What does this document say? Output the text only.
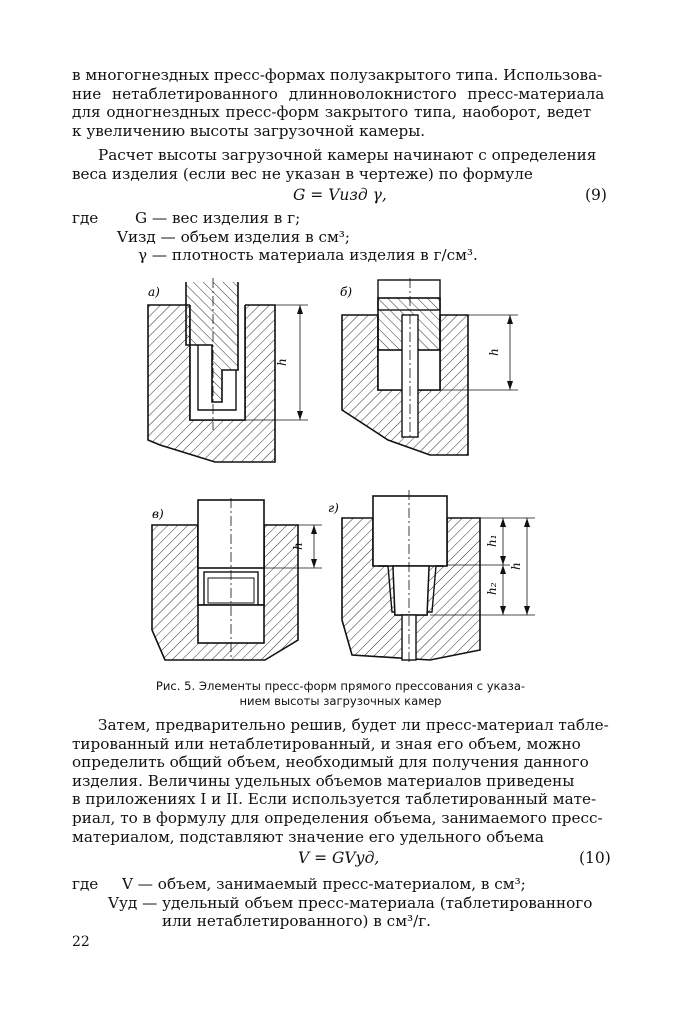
в многогнездных пресс-формах полузакрытого типа. Использова-
ние нетаблетированного длинноволокнистого пресс-материала
для одногнездных пресс-форм закрытого типа, наоборот, ведет
к увеличению высоты загрузочной камеры.
Расчет высоты загрузочной камеры начинают с определения
веса изделия (если вес не указан в чертеже) по формуле
G = Vизд γ,	(9)
где G — вес изделия в г;
Vизд — объем изделия в см³;
γ — плотность материала изделия в г/см³.
а)	б)
в)	г)
h
h
h	h₁
h
h₂
Рис. 5. Элементы пресс-форм прямого прессования с указа-
нием высоты загрузочных камер
Затем, предварительно решив, будет ли пресс-материал табле-
тированный или нетаблетированный, и зная его объем, можно
определить общий объем, необходимый для получения данного
изделия. Величины удельных объемов материалов приведены
в приложениях I и II. Если используется таблетированный мате-
риал, то в формулу для определения объема, занимаемого пресс-
материалом, подставляют значение его удельного объема
V = GVуд,	(10)
где V — объем, занимаемый пресс-материалом, в см³;
Vуд — удельный объем пресс-материала (таблетированного
или нетаблетированного) в см³/г.
22
